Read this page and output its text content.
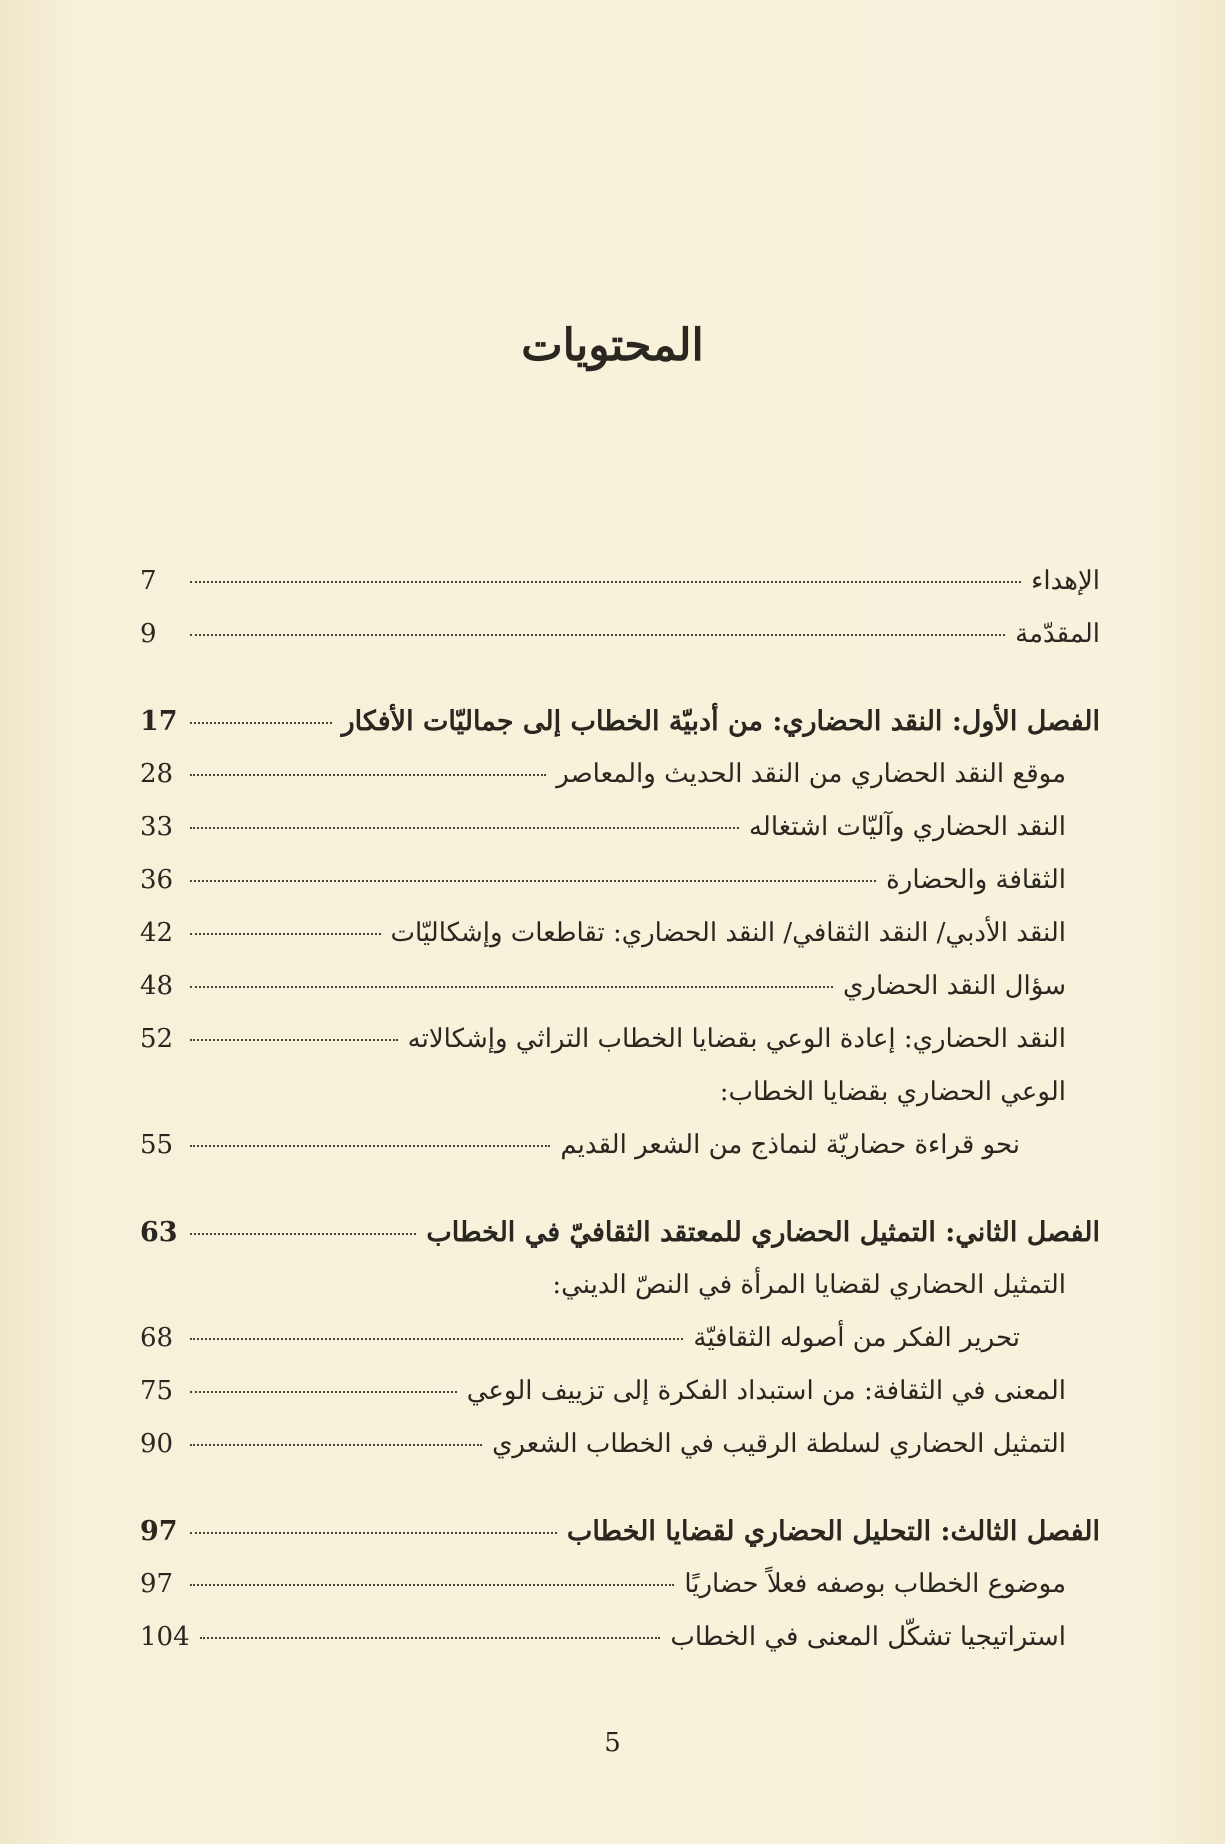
المحتويات
الإهداء
7
المقدّمة
9
الفصل الأول: النقد الحضاري: من أدبيّة الخطاب إلى جماليّات الأفكار
17
موقع النقد الحضاري من النقد الحديث والمعاصر
28
النقد الحضاري وآليّات اشتغاله
33
الثقافة والحضارة
36
النقد الأدبي/ النقد الثقافي/ النقد الحضاري: تقاطعات وإشكاليّات
42
سؤال النقد الحضاري
48
النقد الحضاري: إعادة الوعي بقضايا الخطاب التراثي وإشكالاته
52
الوعي الحضاري بقضايا الخطاب:
نحو قراءة حضاريّة لنماذج من الشعر القديم
55
الفصل الثاني: التمثيل الحضاري للمعتقد الثقافيّ في الخطاب
63
التمثيل الحضاري لقضايا المرأة في النصّ الديني:
تحرير الفكر من أصوله الثقافيّة
68
المعنى في الثقافة: من استبداد الفكرة إلى تزييف الوعي
75
التمثيل الحضاري لسلطة الرقيب في الخطاب الشعري
90
الفصل الثالث: التحليل الحضاري لقضايا الخطاب
97
موضوع الخطاب بوصفه فعلاً حضاريًا
97
استراتيجيا تشكّل المعنى في الخطاب
104
5
